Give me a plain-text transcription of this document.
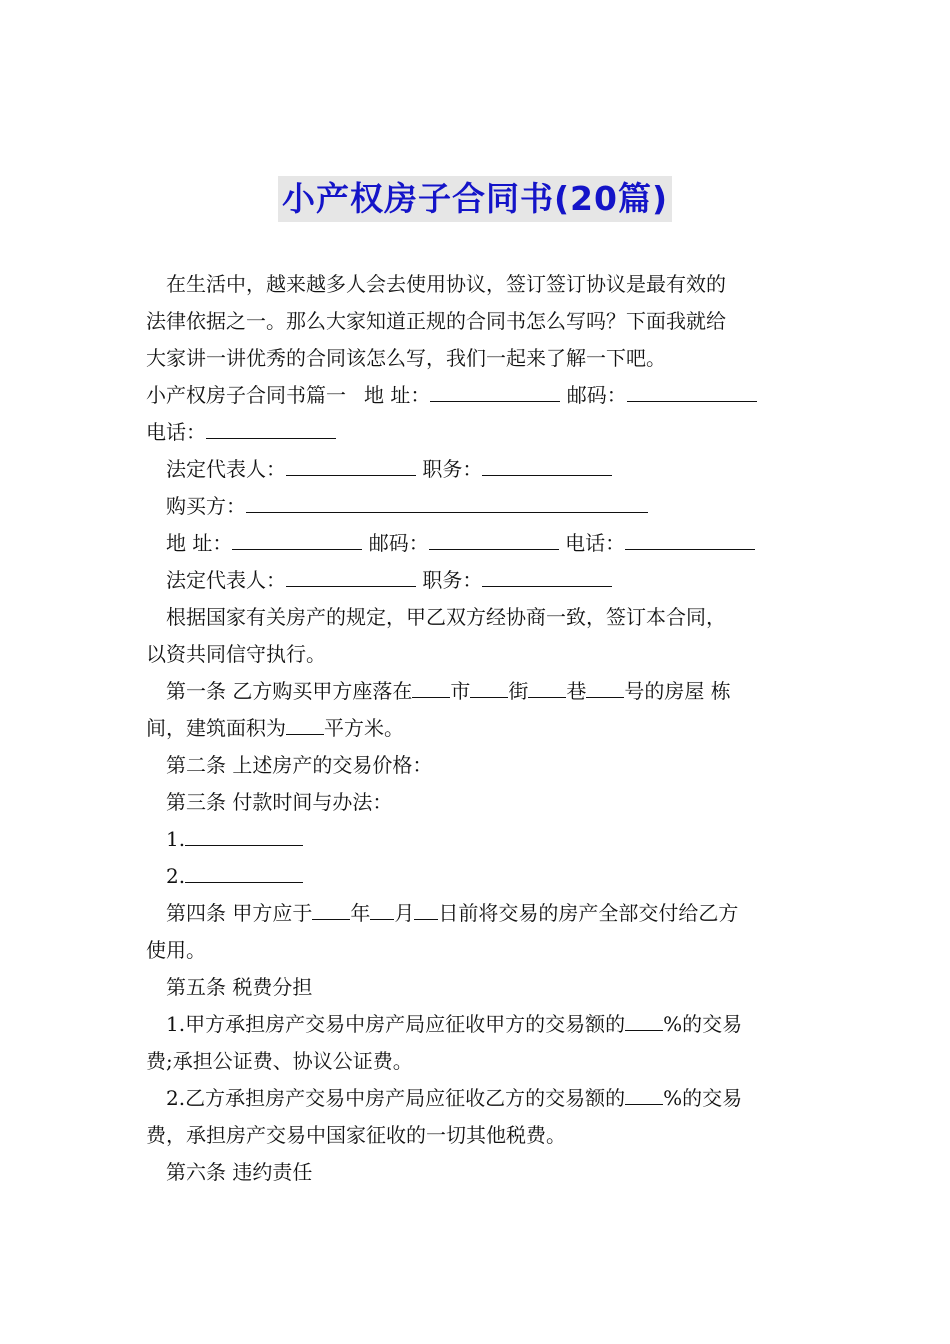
小产权房子合同书(20篇)

在生活中，越来越多人会去使用协议，签订签订协议是最有效的

法律依据之一。那么大家知道正规的合同书怎么写吗？下面我就给

大家讲一讲优秀的合同该怎么写，我们一起来了解一下吧。

小产权房子合同书篇一 地 址：	邮码：

电话：

法定代表人：	职务：

购买方：

地 址：	邮码：	电话：

法定代表人：	职务：

根据国家有关房产的规定，甲乙双方经协商一致，签订本合同，

以资共同信守执行。

第一条 乙方购买甲方座落在 市 街 巷 号的房屋 栋

间，建筑面积为 平方米。

第二条 上述房产的交易价格：

第三条 付款时间与办法：

1.

2.

第四条 甲方应于 年 月 日前将交易的房产全部交付给乙方

使用。

第五条 税费分担

1.甲方承担房产交易中房产局应征收甲方的交易额的 %的交易

费;承担公证费、协议公证费。

2.乙方承担房产交易中房产局应征收乙方的交易额的 %的交易

费，承担房产交易中国家征收的一切其他税费。

第六条 违约责任
